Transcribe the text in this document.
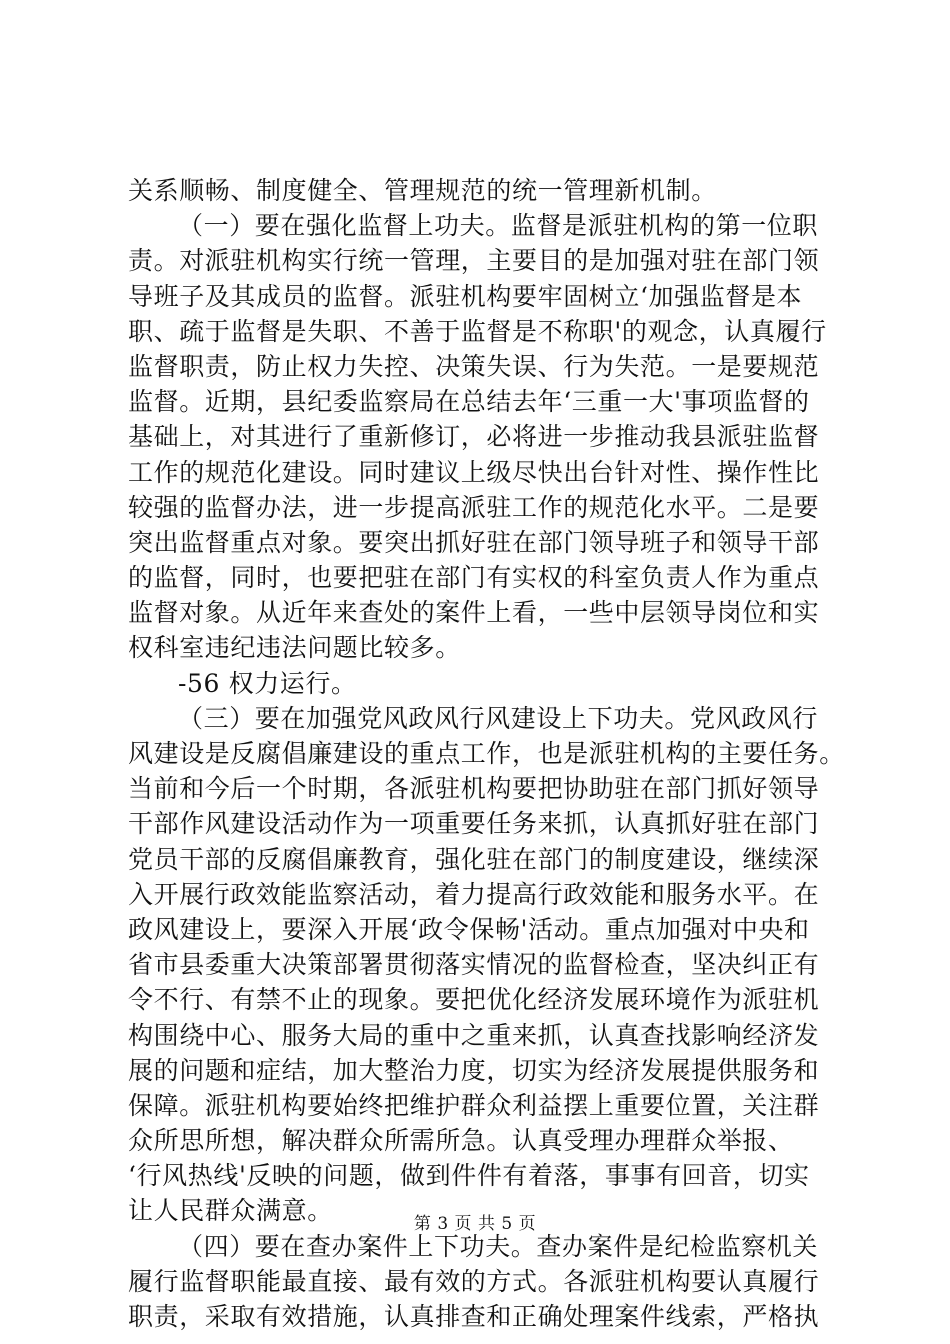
关系顺畅、制度健全、管理规范的统一管理新机制。
（一）要在强化监督上功夫。监督是派驻机构的第一位职
责。对派驻机构实行统一管理，主要目的是加强对驻在部门领
导班子及其成员的监督。派驻机构要牢固树立‘加强监督是本
职、疏于监督是失职、不善于监督是不称职'的观念，认真履行
监督职责，防止权力失控、决策失误、行为失范。一是要规范
监督。近期，县纪委监察局在总结去年‘三重一大'事项监督的
基础上，对其进行了重新修订，必将进一步推动我县派驻监督
工作的规范化建设。同时建议上级尽快出台针对性、操作性比
较强的监督办法，进一步提高派驻工作的规范化水平。二是要
突出监督重点对象。要突出抓好驻在部门领导班子和领导干部
的监督，同时，也要把驻在部门有实权的科室负责人作为重点
监督对象。从近年来查处的案件上看，一些中层领导岗位和实
权科室违纪违法问题比较多。
-56 权力运行。
（三）要在加强党风政风行风建设上下功夫。党风政风行
风建设是反腐倡廉建设的重点工作，也是派驻机构的主要任务。
当前和今后一个时期，各派驻机构要把协助驻在部门抓好领导
干部作风建设活动作为一项重要任务来抓，认真抓好驻在部门
党员干部的反腐倡廉教育，强化驻在部门的制度建设，继续深
入开展行政效能监察活动，着力提高行政效能和服务水平。在
政风建设上，要深入开展‘政令保畅'活动。重点加强对中央和
省市县委重大决策部署贯彻落实情况的监督检查，坚决纠正有
令不行、有禁不止的现象。要把优化经济发展环境作为派驻机
构围绕中心、服务大局的重中之重来抓，认真查找影响经济发
展的问题和症结，加大整治力度，切实为经济发展提供服务和
保障。派驻机构要始终把维护群众利益摆上重要位置，关注群
众所思所想，解决群众所需所急。认真受理办理群众举报、
‘行风热线'反映的问题，做到件件有着落，事事有回音，切实
让人民群众满意。
（四）要在查办案件上下功夫。查办案件是纪检监察机关
履行监督职能最直接、最有效的方式。各派驻机构要认真履行
职责，采取有效措施，认真排查和正确处理案件线索，严格执
第 3 页 共 5 页
